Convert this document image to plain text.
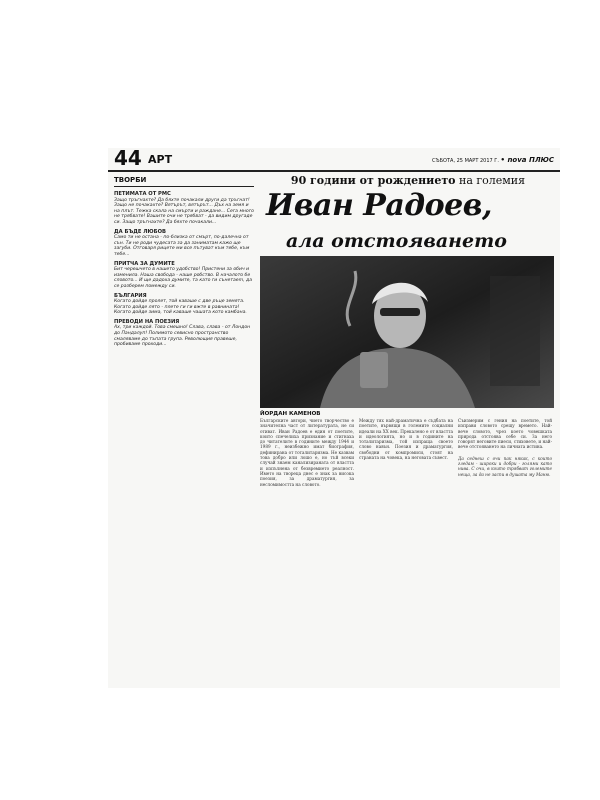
44 АРТ	СЪБОТА, 25 МАРТ 2017 Г. • nova ПЛЮС
ТВОРБИ	90 години от рождението на големия
Иван Радоев,
ала отстояването
ПЕТИМАТА ОТ РМС
Защо тръгнахте? Да бяхте почакали други да тръгнат! Защо не почакахте? Вятърът, вятърът... Дъх на земя и на плът. Тежка скала на смърти и раждане... Сега много не трябвате! Вашите очи не трябват - да видим другаде си. Защо тръгнахте? Да бяхте почакали...
ДА БЪДЕ ЛЮБОВ
Само ти не остана - по-близка от смърт, по-далечна от сън. Ти не роди чудесата за да заниматам кажо ще загуби. Отговаря рицете ми все пътуват към тебе, към тебе...
ПРИТЧА ЗА ДУМИТЕ
Бит черешчето в нашето удобство! Пристени за обич и изменила. Наша свобода - наше робство. В началото бе словото... И ще дадохa думите, та като ги сънeтаеm, да се разберем помежду си.
БЪЛГАРИЯ
Когато дойде пролет, той каваше с две ръце земята. Когато дойде лято - плете ги ги вжтe в равнината! Когато дойде зима, той каваше чашата кото камбана.
ПРЕВОДИ НА ПОЕЗИЯ
Ах, три каждой. Това смешно! Слава, слава - от Лондон до Пандалуп! Полимото севисно пространство смаляваме до тъпата група. Револющия правеше, пробиваме проходи...
ЙОРДАН КАМЕНОВ
Българските автори, чието творчество е значителна част от литературата, не си отиват. Иван Радоев е един от поетите, които спечелиха признание и стигнаха до читателите в годините между 1944 и 1989 г., неизбежно имат биография, дефинирана от тоталитаризма. Не казвам това добро или лошо е, но тъй всеки случай знаем канализираната от властта и изпълнена от безвремието реалност. Името на твореца днес е знак за висока поезия, за драматургия, за несломимостта на словото.
Между тях най-драматична е съдбата на поетите, вървящи в големите социални идеали на XX век. Прекалено е от властта и идеологията, но и в годините на тоталитаризма, той изпраща своето слово навън. Поезия и драматургия, свободни от компромиси, стоят на страната на човека, на неговата съвест.
Съизмерим с гения на поетите, той изправи словото срещу времето. Най-вече словото, чрез което човешката природа отстоява себе си. За него говорят неговите пиеси, стиховете, и най-вече отстояването на личната истина.
Да седнеш с очи пак някак, с които гледам - широки и добри - голями като нива. С очи, в които трябват големите неща, за да не заспи в душата му Маню.
